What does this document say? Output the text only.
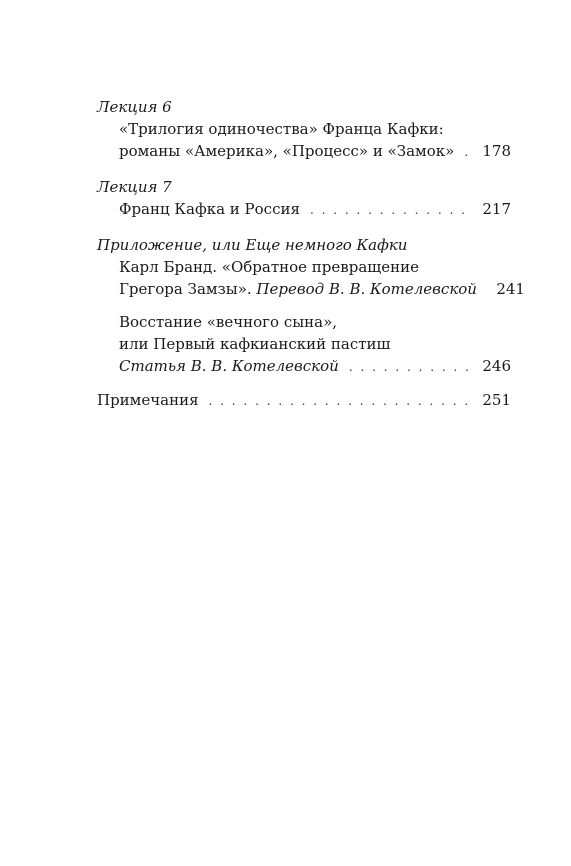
Лекция 6
«Трилогия одиночества» Франца Кафки:
романы «Америка», «Процесс» и «Замок» . . . 178
Лекция 7
Франц Кафка и Россия . . .	217
Приложение, или Еще немного Кафки
Карл Бранд. «Обратное превращение
Грегора Замзы». Перевод В. В. Котелевской 241
Восстание «вечного сына»,
или Первый кафкианский пастиш
Статья В. В. Котелевской . . .	246
Примечания . . .	251
